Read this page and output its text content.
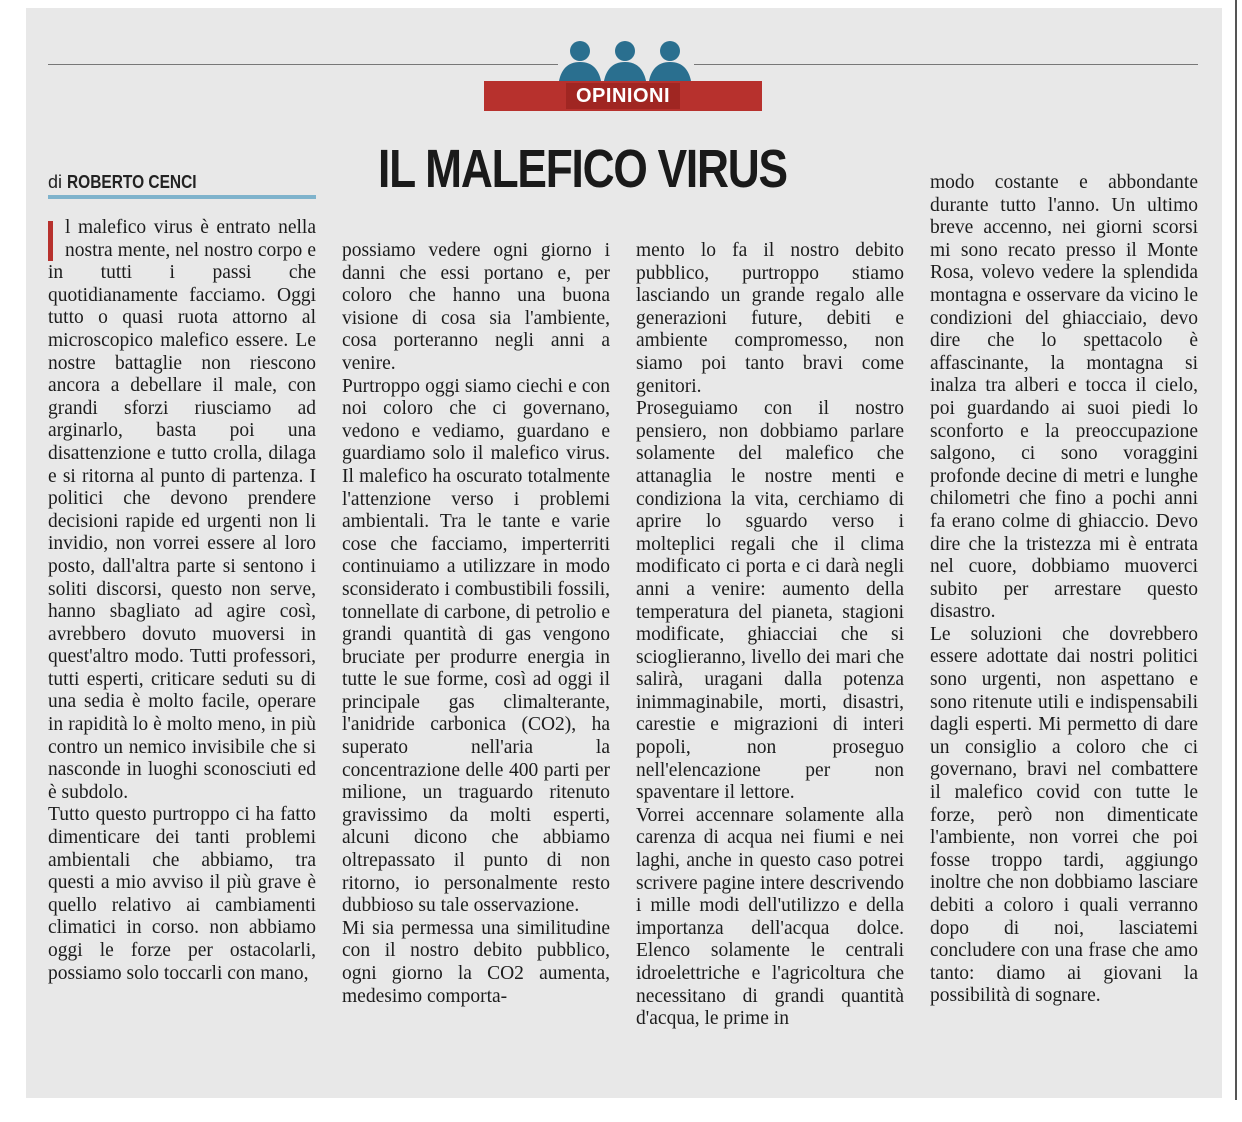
OPINIONI
IL MALEFICO VIRUS
di ROBERTO CENCI

l malefico virus è entrato nella nostra mente, nel nostro corpo e in tutti i passi che quotidianamente facciamo. Oggi tutto o quasi ruota attorno al microscopico malefico essere. Le nostre battaglie non riescono ancora a debellare il male, con grandi sforzi riusciamo ad arginarlo, basta poi una disattenzione e tutto crolla, dilaga e si ritorna al punto di partenza. I politici che devono prendere decisioni rapide ed urgenti non li invidio, non vorrei essere al loro posto, dall'altra parte si sentono i soliti discorsi, questo non serve, hanno sbagliato ad agire così, avrebbero dovuto muoversi in quest'altro modo. Tutti professori, tutti esperti, criticare seduti su di una sedia è molto facile, operare in rapidità lo è molto meno, in più contro un nemico invisibile che si nasconde in luoghi sconosciuti ed è subdolo.

Tutto questo purtroppo ci ha fatto dimenticare dei tanti problemi ambientali che abbiamo, tra questi a mio avviso il più grave è quello relativo ai cambiamenti climatici in corso. non abbiamo oggi le forze per ostacolarli, possiamo solo toccarli con mano,

possiamo vedere ogni giorno i danni che essi portano e, per coloro che hanno una buona visione di cosa sia l'ambiente, cosa porteranno negli anni a venire.

Purtroppo oggi siamo ciechi e con noi coloro che ci governano, vedono e vediamo, guardano e guardiamo solo il malefico virus. Il malefico ha oscurato totalmente l'attenzione verso i problemi ambientali. Tra le tante e varie cose che facciamo, imperterriti continuiamo a utilizzare in modo sconsiderato i combustibili fossili, tonnellate di carbone, di petrolio e grandi quantità di gas vengono bruciate per produrre energia in tutte le sue forme, così ad oggi il principale gas climalterante, l'anidride carbonica (CO2), ha superato nell'aria la concentrazione delle 400 parti per milione, un traguardo ritenuto gravissimo da molti esperti, alcuni dicono che abbiamo oltrepassato il punto di non ritorno, io personalmente resto dubbioso su tale osservazione.

Mi sia permessa una similitudine con il nostro debito pubblico, ogni giorno la CO2 aumenta, medesimo comporta-

mento lo fa il nostro debito pubblico, purtroppo stiamo lasciando un grande regalo alle generazioni future, debiti e ambiente compromesso, non siamo poi tanto bravi come genitori.

Proseguiamo con il nostro pensiero, non dobbiamo parlare solamente del malefico che attanaglia le nostre menti e condiziona la vita, cerchiamo di aprire lo sguardo verso i molteplici regali che il clima modificato ci porta e ci darà negli anni a venire: aumento della temperatura del pianeta, stagioni modificate, ghiacciai che si scioglieranno, livello dei mari che salirà, uragani dalla potenza inimmaginabile, morti, disastri, carestie e migrazioni di interi popoli, non proseguo nell'elencazione per non spaventare il lettore.

Vorrei accennare solamente alla carenza di acqua nei fiumi e nei laghi, anche in questo caso potrei scrivere pagine intere descrivendo i mille modi dell'utilizzo e della importanza dell'acqua dolce. Elenco solamente le centrali idroelettriche e l'agricoltura che necessitano di grandi quantità d'acqua, le prime in

modo costante e abbondante durante tutto l'anno. Un ultimo breve accenno, nei giorni scorsi mi sono recato presso il Monte Rosa, volevo vedere la splendida montagna e osservare da vicino le condizioni del ghiacciaio, devo dire che lo spettacolo è affascinante, la montagna si inalza tra alberi e tocca il cielo, poi guardando ai suoi piedi lo sconforto e la preoccupazione salgono, ci sono voraggini profonde decine di metri e lunghe chilometri che fino a pochi anni fa erano colme di ghiaccio. Devo dire che la tristezza mi è entrata nel cuore, dobbiamo muoverci subito per arrestare questo disastro.

Le soluzioni che dovrebbero essere adottate dai nostri politici sono urgenti, non aspettano e sono ritenute utili e indispensabili dagli esperti. Mi permetto di dare un consiglio a coloro che ci governano, bravi nel combattere il malefico covid con tutte le forze, però non dimenticate l'ambiente, non vorrei che poi fosse troppo tardi, aggiungo inoltre che non dobbiamo lasciare debiti a coloro i quali verranno dopo di noi, lasciatemi concludere con una frase che amo tanto: diamo ai giovani la possibilità di sognare.
